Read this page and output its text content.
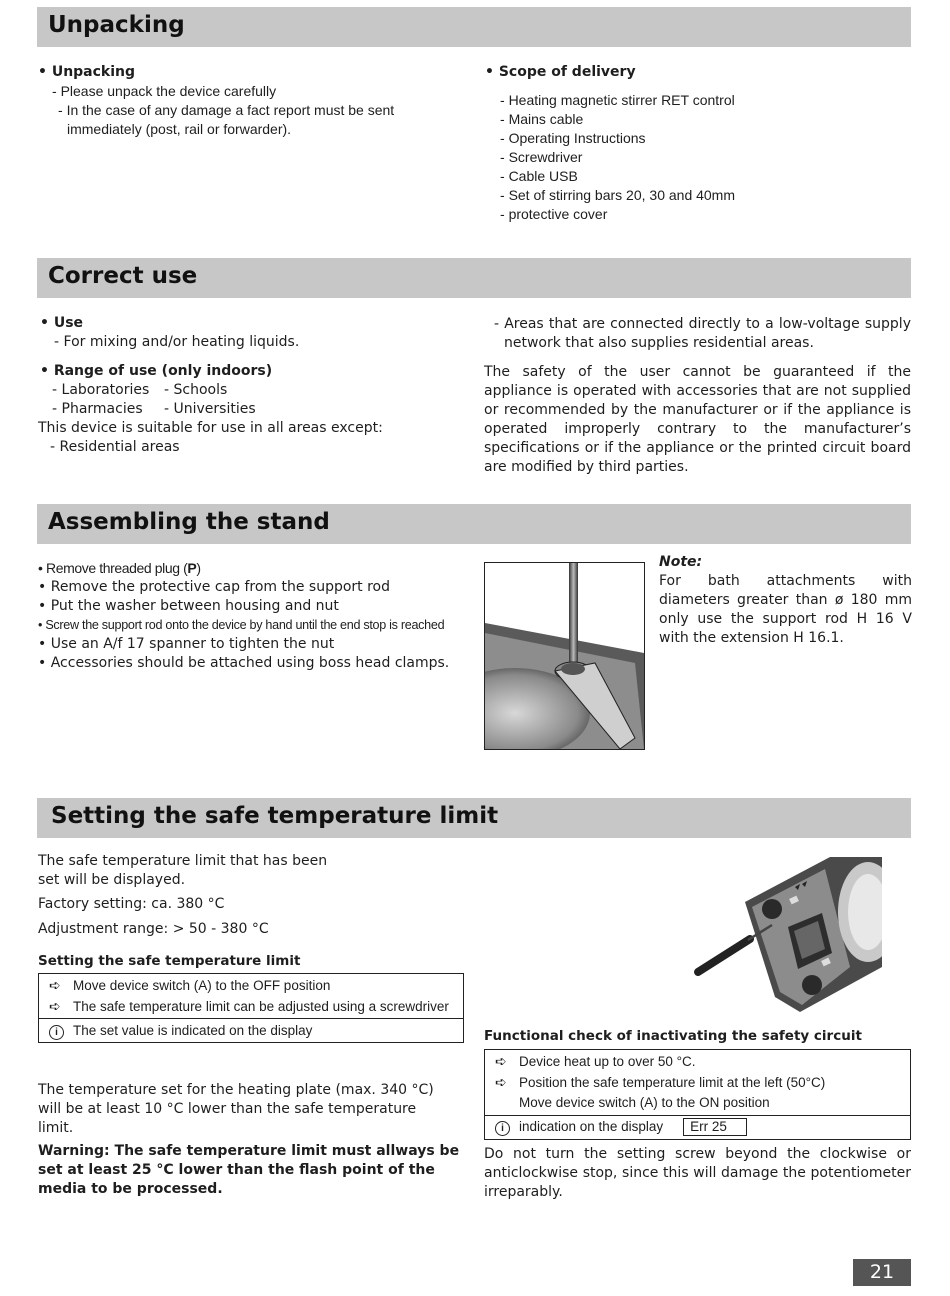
Unpacking
• Unpacking
- Please unpack the device carefully
- In the case of any damage a fact report must be sent immediately (post, rail or forwarder).
• Scope of delivery
- Heating magnetic stirrer RET control
- Mains cable
- Operating Instructions
- Screwdriver
- Cable USB
- Set of stirring bars 20, 30 and 40mm
- protective cover
Correct use
• Use
- For mixing and/or heating liquids.
• Range of use (only indoors)
- Laboratories
- Pharmacies
- Schools
- Universities
This device is suitable for use in all areas except:
- Residential areas
- Areas that are connected directly to a low-voltage supply network that also supplies residential areas.
The safety of the user cannot be guaranteed if the appliance is operated with accessories that are not supplied or recommended by the manufacturer or if the appliance is operated improperly contrary to the manufacturer’s specifications or if the appliance or the printed circuit board are modified by third parties.
Assembling the stand
• Remove threaded plug (P)
• Remove the protective cap from the support rod
• Put the washer between housing and nut
• Screw the support rod onto the device by hand until the end stop is reached
• Use an A/f 17 spanner to tighten the nut
• Accessories should be attached using boss head clamps.
Note:
For bath attachments with diameters greater than ø 180 mm only use the support rod H 16 V with the extension H 16.1.
Setting the safe temperature limit
The safe temperature limit that has been set will be displayed.
Factory setting: ca. 380 °C
Adjustment range: > 50 - 380 °C
Setting the safe temperature limit
➪ Move device switch (A) to the OFF position
➪ The safe temperature limit can be adjusted using a screwdriver
i	The set value is indicated on the display
The temperature set for the heating plate (max. 340 °C) will be at least 10 °C lower than the safe temperature limit.
Warning: The safe temperature limit must allways be set at least 25 °C lower than the flash point of the media to be processed.
Functional check of inactivating the safety circuit
➪ Device heat up to over 50 °C.
➪ Position the safe temperature limit at the left (50°C)
Move device switch (A) to the ON position
i	indication on the display	Err 25
Do not turn the setting screw beyond the clockwise or anticlockwise stop, since this will damage the potentiometer irreparably.
21
